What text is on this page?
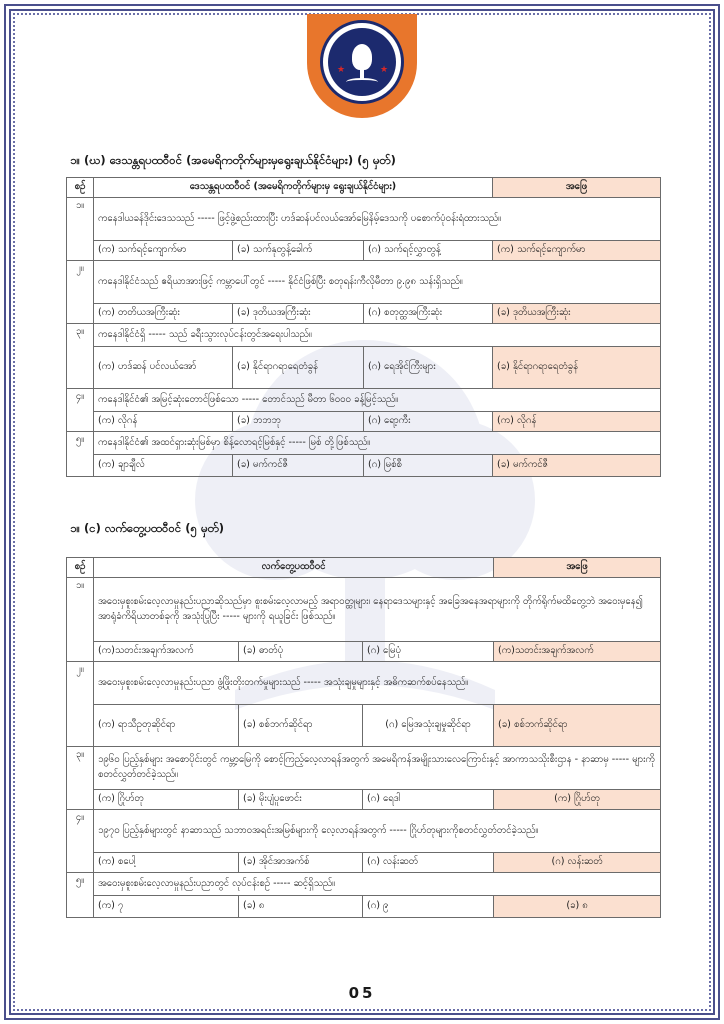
★	★
၁။ (ဃ) ဒေသန္တရပထဝီဝင် (အမေရိကတိုက်များမှရွေးချယ်နိုင်ငံများ) (၅ မှတ်)
စဉ်	ဒေသန္တရပထဝီဝင် (အမေရိကတိုက်များမှ ရွေးချယ်နိုင်ငံများ)			အဖြေ
၁။	ကနေဒါယခန်ဒိုင်းဒေသသည် ----- ဖြင့်ဖွဲ့စည်းထားပြီး ဟဒ်ဆန်ပင်လယ်အော်မြေနိမ့်ဒေသကို ပစောက်ပုံဝန်းရံထားသည်။			
	(က) သက်ရင့်ကျောက်မာ	(ခ) သက်နုတွန့်ခေါက်	(ဂ) သက်ရင့်လွှာတွန့်	(က) သက်ရင့်ကျောက်မာ
၂။	ကနေဒါနိုင်ငံသည် ဧရိယာအားဖြင့် ကမ္ဘာပေါ်တွင် ----- နိုင်ငံဖြစ်ပြီး စတုရန်းကီလိုမီတာ ၉.၉၈ သန်းရှိသည်။			
	(က) တတိယအကြီးဆုံး	(ခ) ဒုတိယအကြီးဆုံး	(ဂ) စတုတ္ထအကြီးဆုံး	(ခ) ဒုတိယအကြီးဆုံး
၃။	ကနေဒါနိုင်ငံရှိ ----- သည် ခရီးသွားလုပ်ငန်းတွင်အရေးပါသည်။			
	(က) ဟဒ်ဆန် ပင်လယ်အော်	(ခ) နိုင်ရာဂရာရေတံခွန်	(ဂ) ရေအိုင်ကြီးများ	(ခ) နိုင်ရာဂရာရေတံခွန်
၄။	ကနေဒါနိုင်ငံ၏ အမြင့်ဆုံးတောင်ဖြစ်သော ----- တောင်သည် မီတာ ၆၀၀၀ ခန့်မြင့်သည်။			
	(က) လိုဂန်	(ခ) ဘဘဘု	(ဂ) ရော့ကီး	(က) လိုဂန်
၅။	ကနေဒါနိုင်ငံ၏ အထင်ရှားဆုံးမြစ်မှာ စိန့်လောရင့်မြစ်နှင့် ----- မြစ် တို့ဖြစ်သည်။			
	(က) ချာချီလ်	(ခ) မက်ကင်ဇီ	(ဂ) မြစ်စီ	(ခ) မက်ကင်ဇီ
၁။ (င) လက်တွေ့ပထဝီဝင် (၅ မှတ်)
စဉ်	လက်တွေ့ပထဝီဝင်			အဖြေ
၁။	အဝေးမှစူးစမ်းလေ့လာမှုနည်းပညာဆိုသည်မှာ စူးစမ်းလေ့လာမည့် အရာဝတ္ထုများ၊ နေရာဒေသများနှင့် အခြေအနေအရာများကို တိုက်ရိုက်မထိတွေ့ဘဲ အဝေးမှနေ၍ အာရုံခံကိရိယာတစ်ခုကို အသုံးပြုပြီး ----- များကို ရယူခြင်း ဖြစ်သည်။			
	(က)သတင်းအချက်အလက်	(ခ) ဓာတ်ပုံ	(ဂ) မြေပုံ	(က)သတင်းအချက်အလက်
၂။	အဝေးမှစူးစမ်းလေ့လာမှုနည်းပညာ ဖွံ့ဖြိုးတိုးတက်မှုများသည် ----- အသုံးချမှုများနှင့် အဓိကဆက်စပ်နေသည်။			
	(က) ရာသီဥတုဆိုင်ရာ	(ခ) စစ်ဘက်ဆိုင်ရာ	(ဂ) မြေအသုံးချမှုဆိုင်ရာ	(ခ) စစ်ဘက်ဆိုင်ရာ
၃။	၁၉၆၀ ပြည့်နှစ်များ အစောပိုင်းတွင် ကမ္ဘာ့မြေကို စောင့်ကြည့်လေ့လာရန်အတွက် အမေရိကန်အမျိုးသားလေကြောင်းနှင့် အာကာသသိုးစီးဌာန - နာဆာမှ ----- များကို စတင်လွှတ်တင်ခဲ့သည်။			
	(က) ဂြိုဟ်တု	(ခ) မိုးပျံပူဖောင်း	(ဂ) ရေဒါ	(က) ဂြိုဟ်တု
၄။	၁၉၇၀ ပြည့်နှစ်များတွင် နာဆာသည် သဘာဝအရင်းအမြစ်များကို လေ့လာရန်အတွက် ----- ဂြိုဟ်တုများကိုစတင်လွှတ်တင်ခဲ့သည်။			
	(က) စပေါ့	(ခ) အိုင်အာအက်စ်	(ဂ) လန်းဆတ်	(ဂ) လန်းဆတ်
၅။	အဝေးမှစူးစမ်းလေ့လာမှုနည်းပညာတွင် လုပ်ငန်းစဉ် ----- ဆင့်ရှိသည်။			
	(က) ၇	(ခ) ၈	(ဂ) ၉	(ခ) ၈
05
